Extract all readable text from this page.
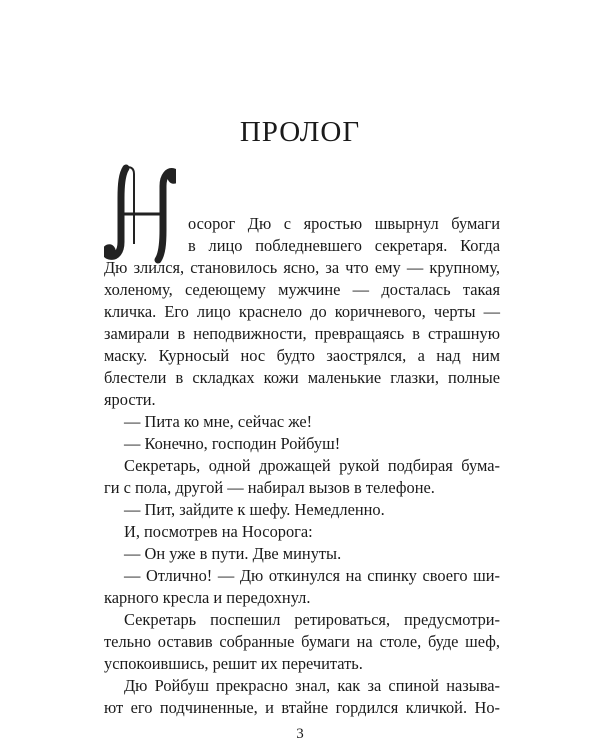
ПРОЛОГ
осорог Дю с яростью швырнул бумаги
в лицо побледневшего секретаря. Когда
Дю злился, становилось ясно, за что ему — крупному,
холеному, седеющему мужчине — досталась такая
кличка. Его лицо краснело до коричневого, черты —
замирали в неподвижности, превращаясь в страшную
маску. Курносый нос будто заострялся, а над ним
блестели в складках кожи маленькие глазки, полные
ярости.
— Пита ко мне, сейчас же!
— Конечно, господин Ройбуш!
Секретарь, одной дрожащей рукой подбирая бума-
ги с пола, другой — набирал вызов в телефоне.
— Пит, зайдите к шефу. Немедленно.
И, посмотрев на Носорога:
— Он уже в пути. Две минуты.
— Отлично! — Дю откинулся на спинку своего ши-
карного кресла и передохнул.
Секретарь поспешил ретироваться, предусмотри-
тельно оставив собранные бумаги на столе, буде шеф,
успокоившись, решит их перечитать.
Дю Ройбуш прекрасно знал, как за спиной называ-
ют его подчиненные, и втайне гордился кличкой. Но-
3
